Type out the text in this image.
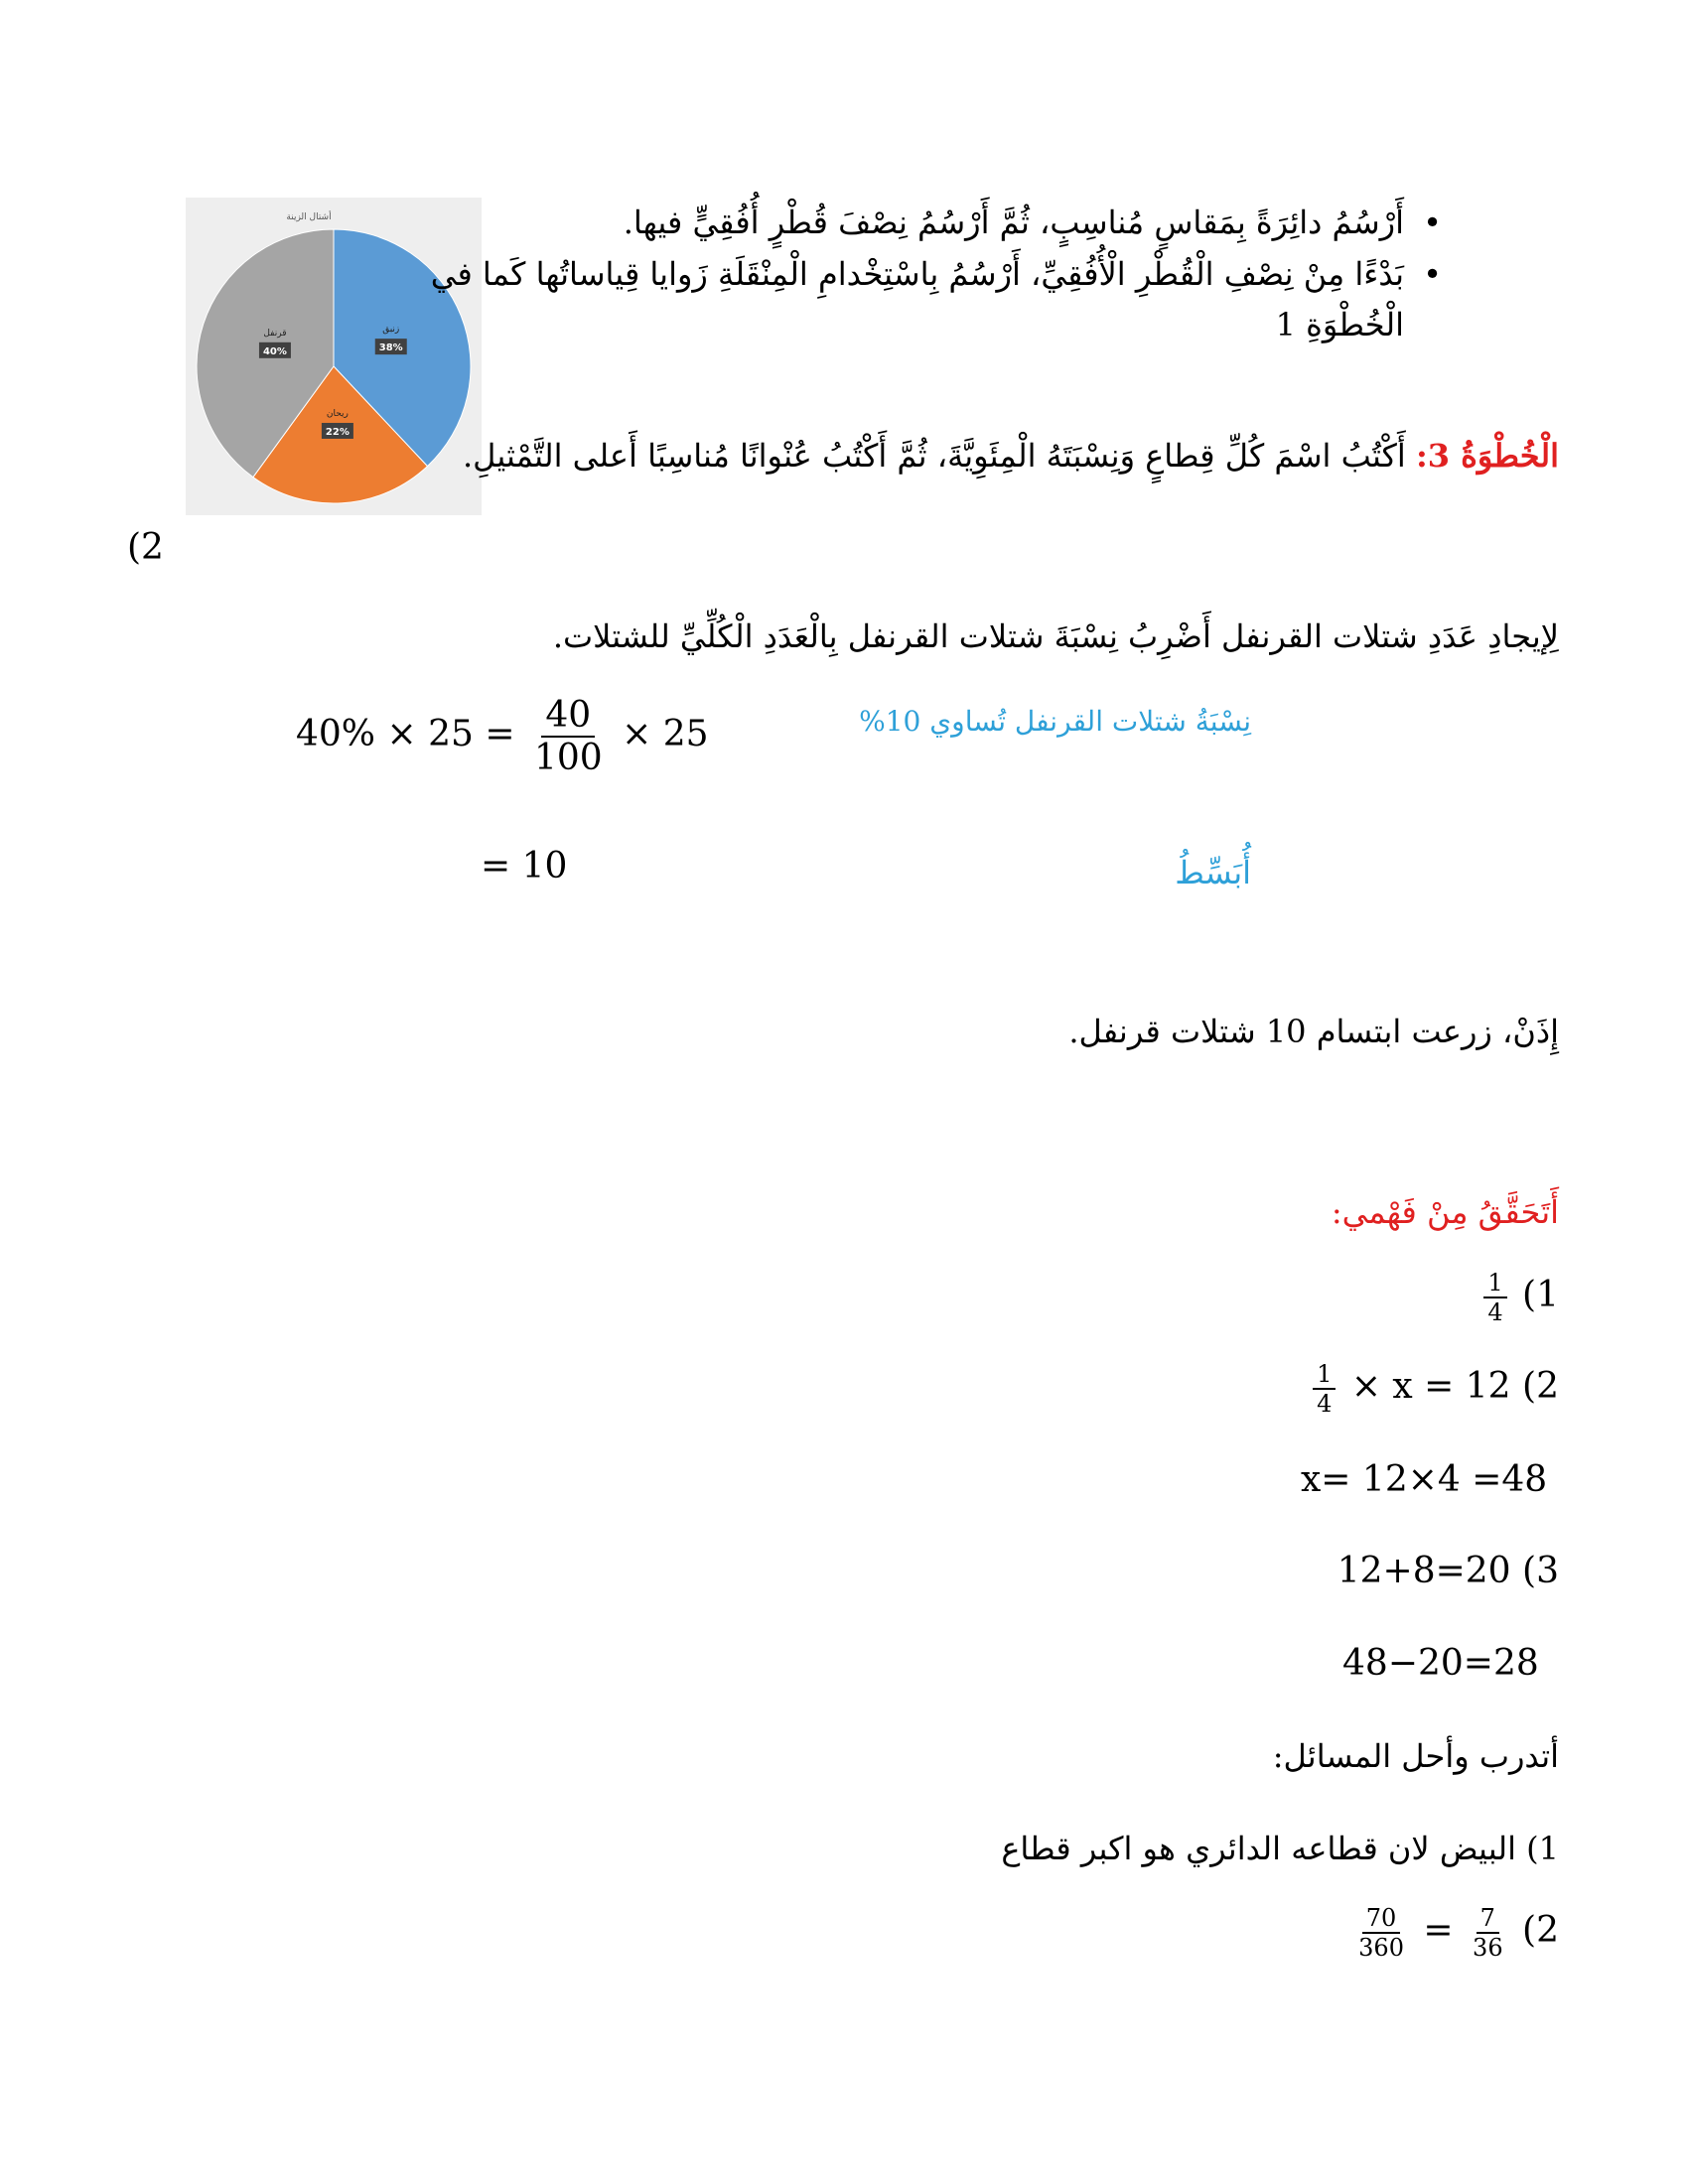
أشتال الزينة
زنبق
38%
ريحان
22%
قرنفل
40%
• أَرْسُمُ دائِرَةً بِمَقاسٍ مُناسِبٍ، ثُمَّ أَرْسُمُ نِصْفَ قُطْرٍ أُفُقِيٍّ فيها.
• بَدْءًا مِنْ نِصْفِ الْقُطْرِ الْأُفُقِيِّ، أَرْسُمُ بِاسْتِخْدامِ الْمِنْقَلَةِ زَوايا قِياساتُها كَما في
الْخُطْوَةِ 1
الْخُطْوَةُ 3: أَكْتُبُ اسْمَ كُلِّ قِطاعٍ وَنِسْبَتَهُ الْمِئَوِيَّةَ، ثُمَّ أَكْتُبُ عُنْوانًا مُناسِبًا أَعلى التَّمْثيلِ.
(2
لِإيجادِ عَدَدِ شتلات القرنفل أَضْرِبُ نِسْبَةَ شتلات القرنفل بِالْعَدَدِ الْكُلِّيِّ للشتلات.
$40\% \times 25 = \frac{40}{100} \times 25$	نِسْبَةُ شتلات القرنفل تُساوي 10%
= 10	أُبَسِّطُ
إِذَنْ، زرعت ابتسام 10 شتلات قرنفل.
أَتَحَقَّقُ مِنْ فَهْمي:
$\frac{1}{4} (1$
$\frac{1}{4} \times x = 12$ (2
x= 12×4 =48
12+8=20 (3
48−20=28
أتدرب وأحل المسائل:
1) البيض لان قطاعه الدائري هو اكبر قطاع
$\frac{70}{360} = \frac{7}{36} (2$
